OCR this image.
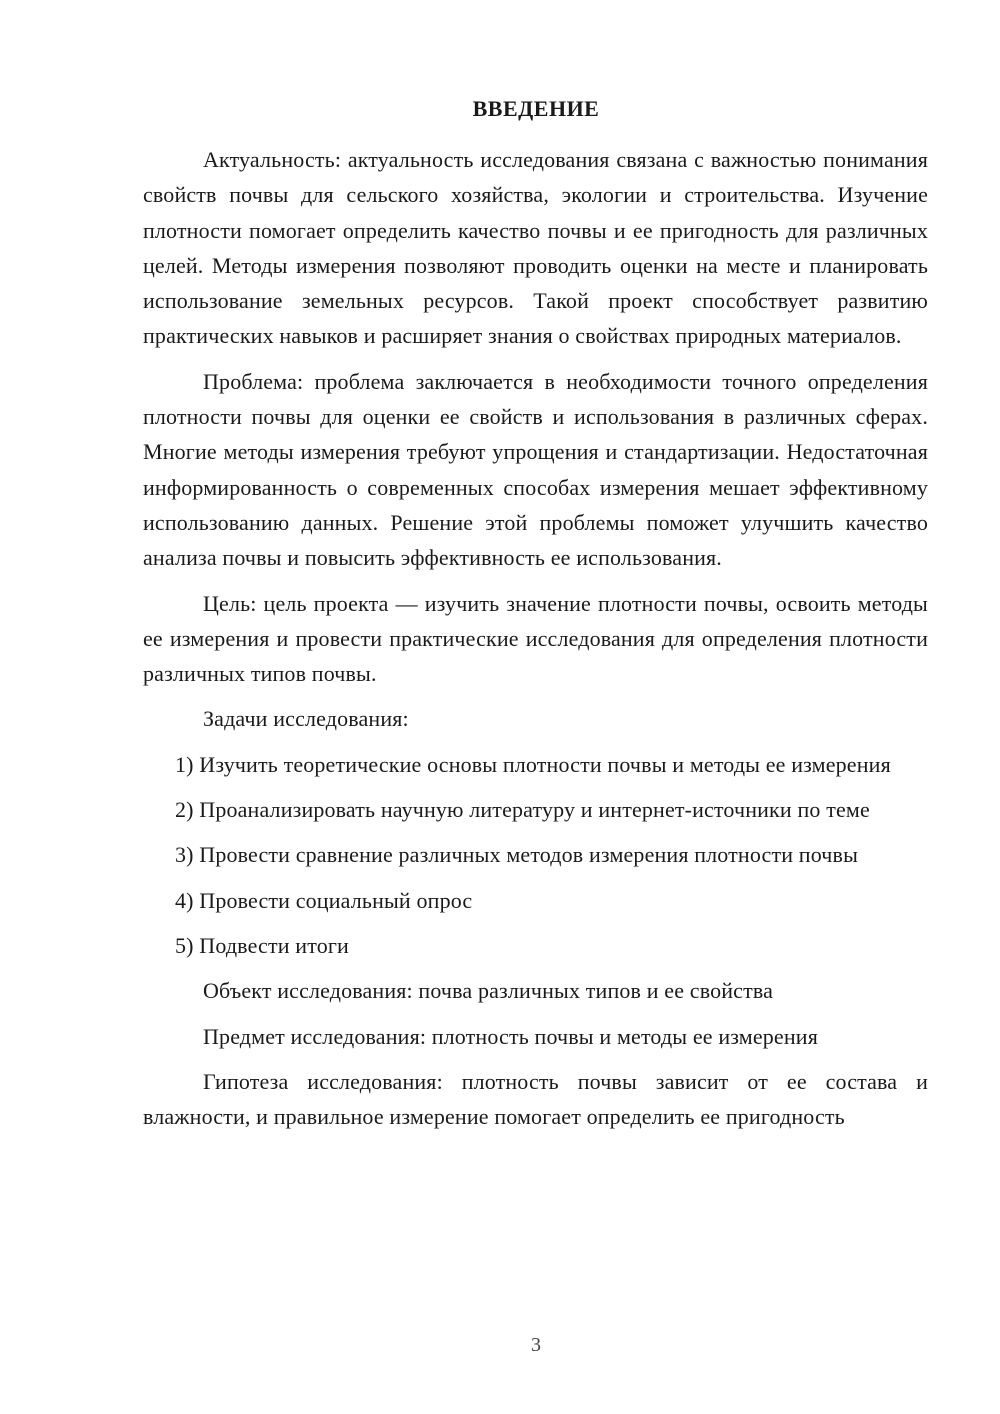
ВВЕДЕНИЕ

Актуальность: актуальность исследования связана с важностью понимания свойств почвы для сельского хозяйства, экологии и строительства. Изучение плотности помогает определить качество почвы и ее пригодность для различных целей. Методы измерения позволяют проводить оценки на месте и планировать использование земельных ресурсов. Такой проект способствует развитию практических навыков и расширяет знания о свойствах природных материалов.

Проблема: проблема заключается в необходимости точного определения плотности почвы для оценки ее свойств и использования в различных сферах. Многие методы измерения требуют упрощения и стандартизации. Недостаточная информированность о современных способах измерения мешает эффективному использованию данных. Решение этой проблемы поможет улучшить качество анализа почвы и повысить эффективность ее использования.

Цель: цель проекта — изучить значение плотности почвы, освоить методы ее измерения и провести практические исследования для определения плотности различных типов почвы.

Задачи исследования:

1) Изучить теоретические основы плотности почвы и методы ее измерения

2) Проанализировать научную литературу и интернет-источники по теме

3) Провести сравнение различных методов измерения плотности почвы

4) Провести социальный опрос

5) Подвести итоги

Объект исследования: почва различных типов и ее свойства

Предмет исследования: плотность почвы и методы ее измерения

Гипотеза исследования: плотность почвы зависит от ее состава и влажности, и правильное измерение помогает определить ее пригодность

3
